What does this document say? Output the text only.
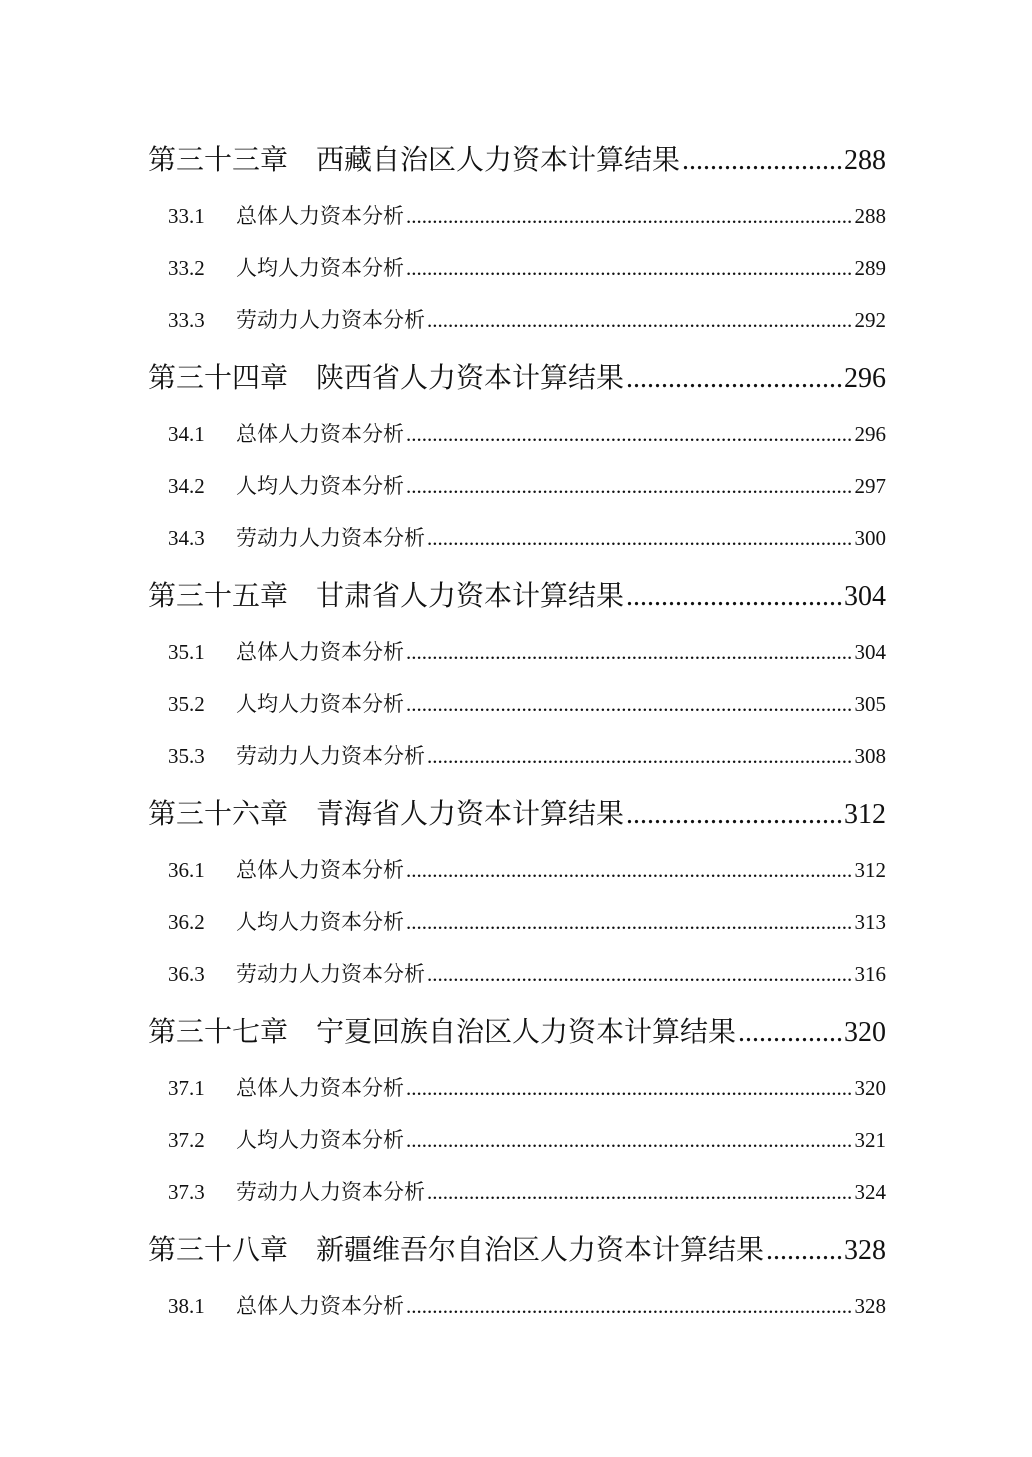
第三十三章 西藏自治区人力资本计算结果 .....	288
33.1	总体人力资本分析 .....	288
33.2	人均人力资本分析 .....	289
33.3	劳动力人力资本分析 .....	292
第三十四章 陕西省人力资本计算结果 .....	296
34.1	总体人力资本分析 .....	296
34.2	人均人力资本分析 .....	297
34.3	劳动力人力资本分析 .....	300
第三十五章 甘肃省人力资本计算结果 .....	304
35.1	总体人力资本分析 .....	304
35.2	人均人力资本分析 .....	305
35.3	劳动力人力资本分析 .....	308
第三十六章 青海省人力资本计算结果 .....	312
36.1	总体人力资本分析 .....	312
36.2	人均人力资本分析 .....	313
36.3	劳动力人力资本分析 .....	316
第三十七章 宁夏回族自治区人力资本计算结果 .....	320
37.1	总体人力资本分析 .....	320
37.2	人均人力资本分析 .....	321
37.3	劳动力人力资本分析 .....	324
第三十八章 新疆维吾尔自治区人力资本计算结果 .....	328
38.1	总体人力资本分析 .....	328
